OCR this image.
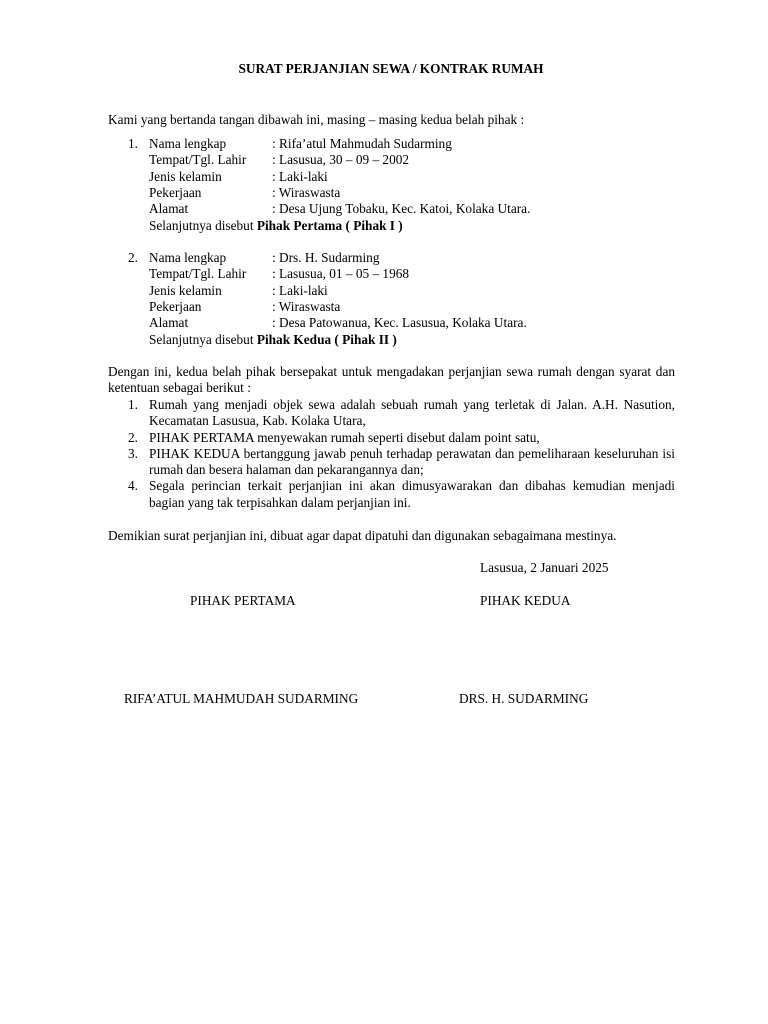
SURAT PERJANJIAN SEWA / KONTRAK RUMAH
Kami yang bertanda tangan dibawah ini, masing – masing kedua belah pihak :
1. Nama lengkap	: Rifa’atul Mahmudah Sudarming
Tempat/Tgl. Lahir : Lasusua, 30 – 09 – 2002
Jenis kelamin	: Laki-laki
Pekerjaan	: Wiraswasta
Alamat	: Desa Ujung Tobaku, Kec. Katoi, Kolaka Utara.
Selanjutnya disebut Pihak Pertama ( Pihak I )
2. Nama lengkap	: Drs. H. Sudarming
Tempat/Tgl. Lahir : Lasusua, 01 – 05 – 1968
Jenis kelamin	: Laki-laki
Pekerjaan	: Wiraswasta
Alamat	: Desa Patowanua, Kec. Lasusua, Kolaka Utara.
Selanjutnya disebut Pihak Kedua ( Pihak II )
Dengan ini, kedua belah pihak bersepakat untuk mengadakan perjanjian sewa rumah dengan syarat dan ketentuan sebagai berikut :
1. Rumah yang menjadi objek sewa adalah sebuah rumah yang terletak di Jalan. A.H. Nasution, Kecamatan Lasusua, Kab. Kolaka Utara,
2. PIHAK PERTAMA menyewakan rumah seperti disebut dalam point satu,
3. PIHAK KEDUA bertanggung jawab penuh terhadap perawatan dan pemeliharaan keseluruhan isi rumah dan besera halaman dan pekarangannya dan;
4. Segala perincian terkait perjanjian ini akan dimusyawarakan dan dibahas kemudian menjadi bagian yang tak terpisahkan dalam perjanjian ini.
Demikian surat perjanjian ini, dibuat agar dapat dipatuhi dan digunakan sebagaimana mestinya.
Lasusua, 2 Januari 2025
PIHAK PERTAMA	PIHAK KEDUA
RIFA’ATUL MAHMUDAH SUDARMING	DRS. H. SUDARMING
